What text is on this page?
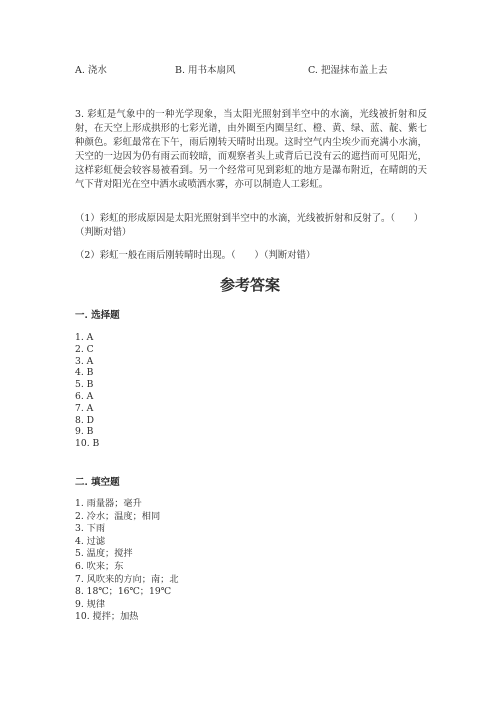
A. 浇水	B. 用书本扇风	C. 把湿抹布盖上去

3. 彩虹是气象中的一种光学现象，当太阳光照射到半空中的水滴，光线被折射和反射，在天空上形成拱形的七彩光谱，由外圈至内圈呈红、橙、黄、绿、蓝、靛、紫七种颜色。彩虹最常在下午，雨后刚转天晴时出现。这时空气内尘埃少而充满小水滴，天空的一边因为仍有雨云而较暗，而观察者头上或背后已没有云的遮挡而可见阳光，这样彩虹便会较容易被看到。另一个经常可见到彩虹的地方是瀑布附近，在晴朗的天气下背对阳光在空中洒水或喷洒水雾，亦可以制造人工彩虹。

（1）彩虹的形成原因是太阳光照射到半空中的水滴，光线被折射和反射了。（　　）（判断对错）

（2）彩虹一般在雨后刚转晴时出现。（　　）（判断对错）

参考答案

一. 选择题

1. A
2. C
3. A
4. B
5. B
6. A
7. A
8. D
9. B
10. B

二. 填空题

1. 雨量器；毫升
2. 冷水；温度；相同
3. 下雨
4. 过滤
5. 温度；搅拌
6. 吹来；东
7. 风吹来的方向；南；北
8. 18℃；16℃；19℃
9. 规律
10. 搅拌；加热
